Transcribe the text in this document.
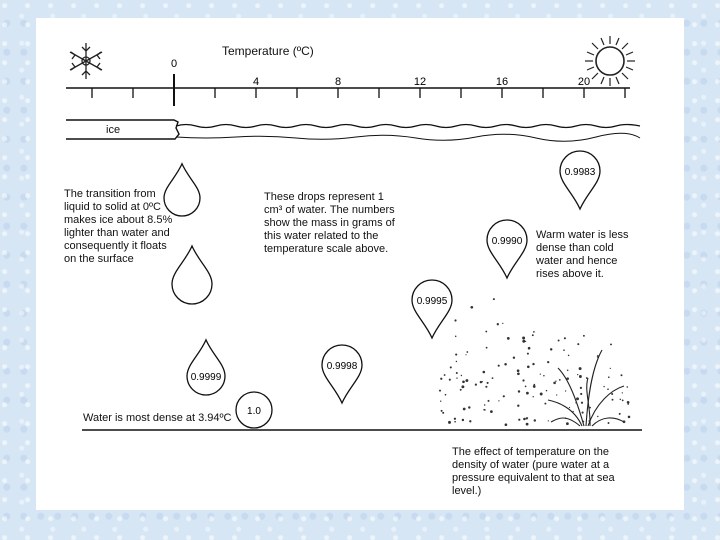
0
4	8	12	16	20
0.9999
1.0
0.9998
0.9995
0.9990
0.9983
Temperature (ºC)
ice
The transition from liquid to solid at 0ºC makes ice about 8.5% lighter than water and consequently it floats on the surface
These drops represent 1 cm³ of water. The numbers show the mass in grams of this water related to the temperature scale above.
Warm water is less dense than cold water and hence rises above it.
Water is most dense at 3.94ºC
The effect of temperature on the density of water (pure water at a pressure equivalent to that at sea level.)
